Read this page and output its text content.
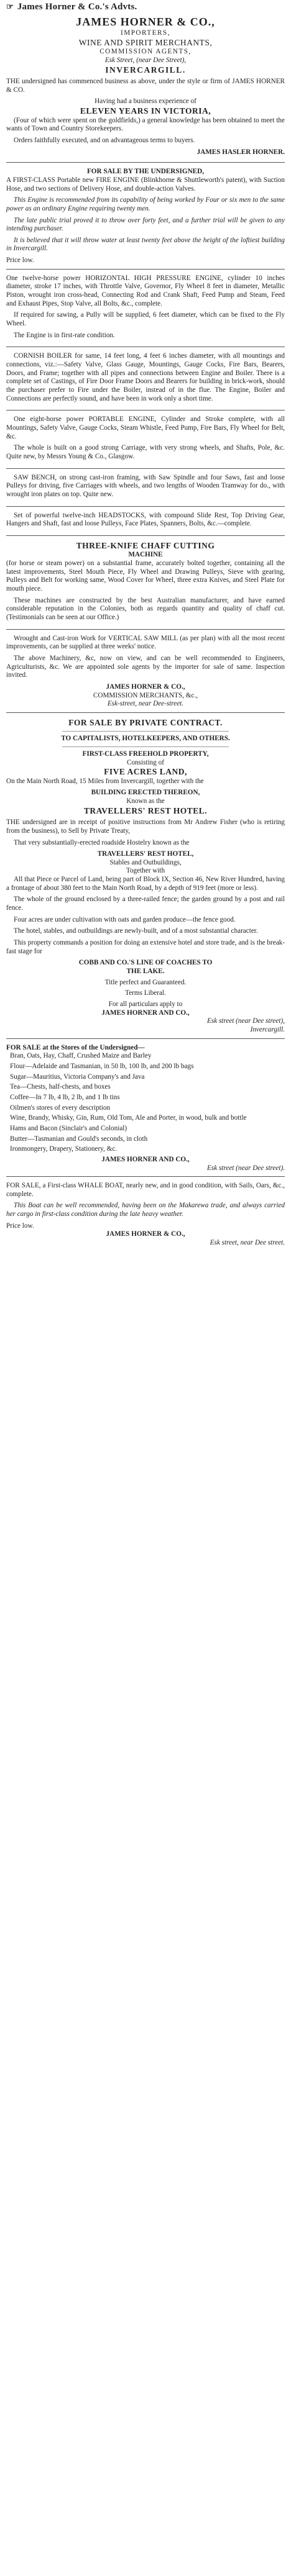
☞ James Horner & Co.'s Advts.
JAMES HORNER & CO.,
IMPORTERS,
WINE AND SPIRIT MERCHANTS,
COMMISSION AGENTS,
Esk Street, (near Dee Street),
INVERCARGILL.

THE undersigned has commenced business as above, under the style or firm of JAMES HORNER & CO.

Having had a business experience of
ELEVEN YEARS IN VICTORIA,

(Four of which were spent on the goldfields,) a general knowledge has been obtained to meet the wants of Town and Country Storekeepers.

Orders faithfully executed, and on advantageous terms to buyers.

JAMES HASLER HORNER.
FOR SALE BY THE UNDERSIGNED,

A FIRST-CLASS Portable new FIRE ENGINE (Blinkhorne & Shuttleworth's patent), with Suction Hose, and two sections of Delivery Hose, and double-action Valves.

This Engine is recommended from its capability of being worked by Four or six men to the same power as an ordinary Engine requiring twenty men.

The late public trial proved it to throw over forty feet, and a further trial will be given to any intending purchaser.

It is believed that it will throw water at least twenty feet above the height of the loftiest building in Invercargill.

Price low.

One twelve-horse power HORIZONTAL HIGH PRESSURE ENGINE, cylinder 10 inches diameter, stroke 17 inches, with Throttle Valve, Governor, Fly Wheel 8 feet in diameter, Metallic Piston, wrought iron cross-head, Connecting Rod and Crank Shaft, Feed Pump and Steam, Feed and Exhaust Pipes, Stop Valve, all Bolts, &c., complete.

If required for sawing, a Pully will be supplied, 6 feet diameter, which can be fixed to the Fly Wheel.

The Engine is in first-rate condition.

CORNISH BOILER for same, 14 feet long, 4 feet 6 inches diameter, with all mountings and connections, viz.:—Safety Valve, Glass Gauge, Mountings, Gauge Cocks, Fire Bars, Bearers, Doors, and Frame; together with all pipes and connections between Engine and Boiler. There is a complete set of Castings, of Fire Door Frame Doors and Bearers for building in brick-work, should the purchaser prefer to Fire under the Boiler, instead of in the flue. The Engine, Boiler and Connections are perfectly sound, and have been in work only a short time.

One eight-horse power PORTABLE ENGINE, Cylinder and Stroke complete, with all Mountings, Safety Valve, Gauge Cocks, Steam Whistle, Feed Pump, Fire Bars, Fly Wheel for Belt, &c.

The whole is built on a good strong Carriage, with very strong wheels, and Shafts, Pole, &c. Quite new, by Messrs Young & Co., Glasgow.

SAW BENCH, on strong cast-iron framing, with Saw Spindle and four Saws, fast and loose Pulleys for driving, five Carriages with wheels, and two lengths of Wooden Tramway for do., with wrought iron plates on top. Quite new.

Set of powerful twelve-inch HEADSTOCKS, with compound Slide Rest, Top Driving Gear, Hangers and Shaft, fast and loose Pulleys, Face Plates, Spanners, Bolts, &c.—complete.

THREE-KNIFE CHAFF CUTTING
MACHINE

(for horse or steam power) on a substantial frame, accurately bolted together, containing all the latest improvements, Steel Mouth Piece, Fly Wheel and Drawing Pulleys, Sieve with gearing, Pulleys and Belt for working same, Wood Cover for Wheel, three extra Knives, and Steel Plate for mouth piece.

These machines are constructed by the best Australian manufacturer, and have earned considerable reputation in the Colonies, both as regards quantity and quality of chaff cut. (Testimonials can be seen at our Office.)

Wrought and Cast-iron Work for VERTICAL SAW MILL (as per plan) with all the most recent improvements, can be supplied at three weeks' notice.

The above Machinery, &c, now on view, and can be well recommended to Engineers, Agriculturists, &c. We are appointed sole agents by the importer for sale of same. Inspection invited.

JAMES HORNER & CO.,
COMMISSION MERCHANTS, &c.,
Esk-street, near Dee-street.
FOR SALE BY PRIVATE CONTRACT.
TO CAPITALISTS, HOTELKEEPERS, AND OTHERS.
FIRST-CLASS FREEHOLD PROPERTY,
Consisting of
FIVE ACRES LAND,

On the Main North Road, 15 Miles from Invercargill, together with the

BUILDING ERECTED THEREON,
Known as the
TRAVELLERS' REST HOTEL.

THE undersigned are in receipt of positive instructions from Mr Andrew Fisher (who is retiring from the business), to Sell by Private Treaty,

That very substantially-erected roadside Hostelry known as the

TRAVELLERS' REST HOTEL,
Stables and Outbuildings,
Together with

All that Piece or Parcel of Land, being part of Block IX, Section 46, New River Hundred, having a frontage of about 380 feet to the Main North Road, by a depth of 919 feet (more or less).

The whole of the ground enclosed by a three-railed fence; the garden ground by a post and rail fence.

Four acres are under cultivation with oats and garden produce—the fence good.

The hotel, stables, and outbuildings are newly-built, and of a most substantial character.

This property commands a position for doing an extensive hotel and store trade, and is the break-fast stage for

COBB AND CO.'S LINE OF COACHES TO
THE LAKE.
Title perfect and Guaranteed.
Terms Liberal.
For all particulars apply to
JAMES HORNER AND CO.,
Esk street (near Dee street),
Invercargill.
FOR SALE at the Stores of the Undersigned—

Bran, Oats, Hay, Chaff, Crushed Maize and Barley

Flour—Adelaide and Tasmanian, in 50 lb, 100 lb, and 200 lb bags

Sugar—Mauritius, Victoria Company's and Java

Tea—Chests, half-chests, and boxes

Coffee—In 7 lb, 4 lb, 2 lb, and 1 lb tins

Oilmen's stores of every description

Wine, Brandy, Whisky, Gin, Rum, Old Tom, Ale and Porter, in wood, bulk and bottle

Hams and Bacon (Sinclair's and Colonial)

Butter—Tasmanian and Gould's seconds, in cloth

Ironmongery, Drapery, Stationery, &c.

JAMES HORNER AND CO.,
Esk street (near Dee street).

FOR SALE, a First-class WHALE BOAT, nearly new, and in good condition, with Sails, Oars, &c., complete.

This Boat can be well recommended, having been on the Makarewa trade, and always carried her cargo in first-class condition during the late heavy weather.

Price low.
JAMES HORNER & CO.,
Esk street, near Dee street.
